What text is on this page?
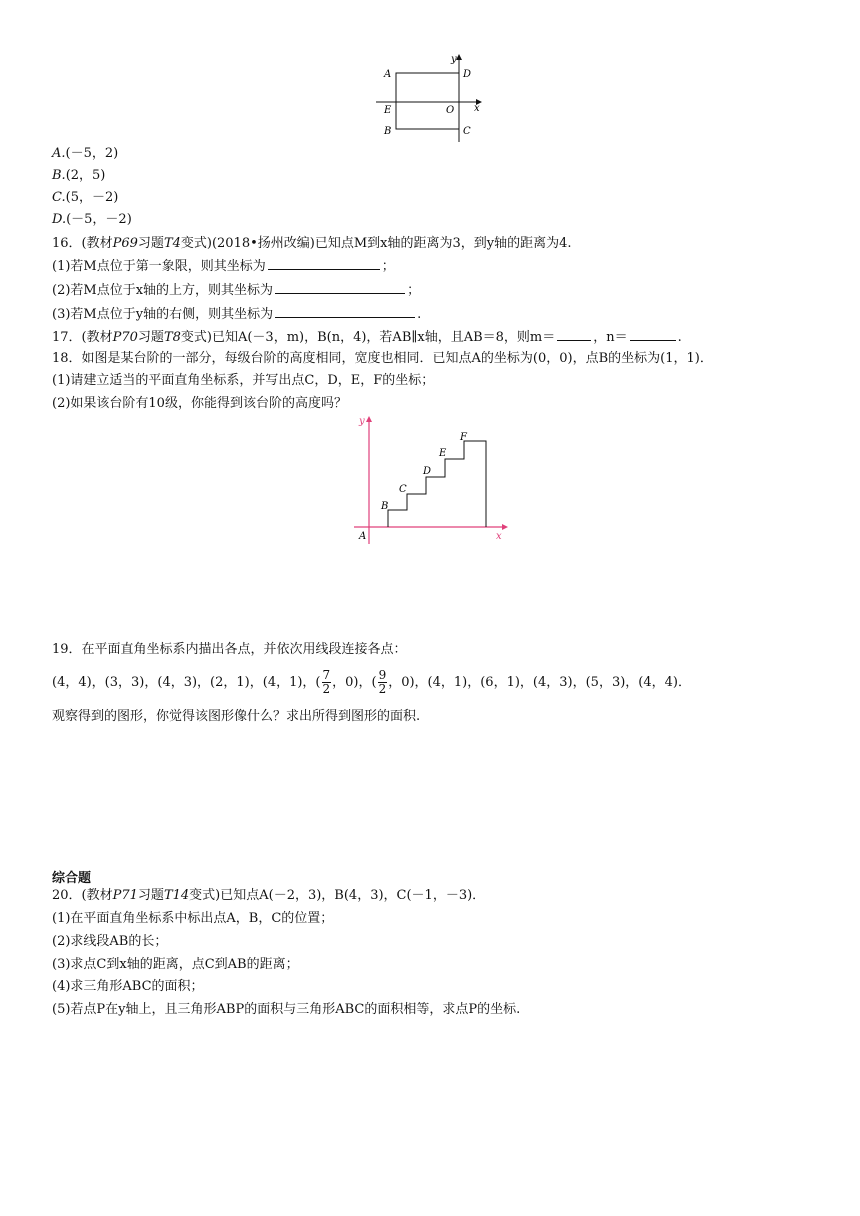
A	D
E	O x
y
B	C
A.(－5，2)
B.(2，5)
C.(5，－2)
D.(－5，－2)
16．(教材P69习题T4变式)(2018•扬州改编)已知点M到x轴的距离为3，到y轴的距离为4.
(1)若M点位于第一象限，则其坐标为	；
(2)若M点位于x轴的上方，则其坐标为	；
(3)若M点位于y轴的右侧，则其坐标为	.
17．(教材P70习题T8变式)已知A(－3，m)，B(n，4)，若AB∥x轴，且AB＝8，则m＝	，n＝	.
18．如图是某台阶的一部分，每级台阶的高度相同，宽度也相同．已知点A的坐标为(0，0)，点B的坐标为(1，1)．
(1)请建立适当的平面直角坐标系，并写出点C，D，E，F的坐标；
(2)如果该台阶有10级，你能得到该台阶的高度吗？
y
x
A
B
C
D
E
F
19．在平面直角坐标系内描出各点，并依次用线段连接各点：
(4，4)，(3，3)，(4，3)，(2，1)，(4，1)，( $\frac{7}{2}$ ，0)，( $\frac{9}{2}$ ，0)，(4，1)，(6，1)，(4，3)，(5，3)，(4，4)．
观察得到的图形，你觉得该图形像什么？求出所得到图形的面积.
综合题
20．(教材P71习题T14变式)已知点A(－2，3)，B(4，3)，C(－1，－3)．
(1)在平面直角坐标系中标出点A，B，C的位置；
(2)求线段AB的长；
(3)求点C到x轴的距离，点C到AB的距离；
(4)求三角形ABC的面积；
(5)若点P在y轴上，且三角形ABP的面积与三角形ABC的面积相等，求点P的坐标.
